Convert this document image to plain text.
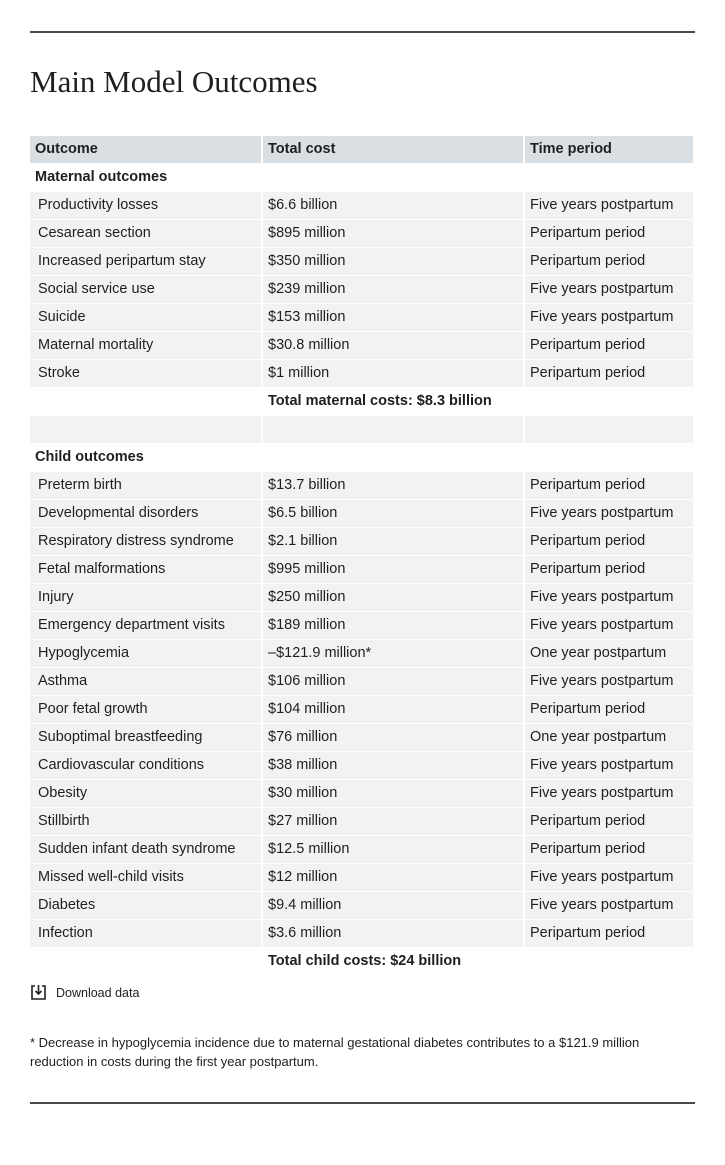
Main Model Outcomes
Outcome	Total cost	Time period
Maternal outcomes
Productivity losses	$6.6 billion	Five years postpartum
Cesarean section	$895 million	Peripartum period
Increased peripartum stay	$350 million	Peripartum period
Social service use	$239 million	Five years postpartum
Suicide	$153 million	Five years postpartum
Maternal mortality	$30.8 million	Peripartum period
Stroke	$1 million	Peripartum period
Total maternal costs: $8.3 billion
Child outcomes
Preterm birth	$13.7 billion	Peripartum period
Developmental disorders	$6.5 billion	Five years postpartum
Respiratory distress syndrome	$2.1 billion	Peripartum period
Fetal malformations	$995 million	Peripartum period
Injury	$250 million	Five years postpartum
Emergency department visits	$189 million	Five years postpartum
Hypoglycemia	–$121.9 million*	One year postpartum
Asthma	$106 million	Five years postpartum
Poor fetal growth	$104 million	Peripartum period
Suboptimal breastfeeding	$76 million	One year postpartum
Cardiovascular conditions	$38 million	Five years postpartum
Obesity	$30 million	Five years postpartum
Stillbirth	$27 million	Peripartum period
Sudden infant death syndrome	$12.5 million	Peripartum period
Missed well-child visits	$12 million	Five years postpartum
Diabetes	$9.4 million	Five years postpartum
Infection	$3.6 million	Peripartum period
Total child costs: $24 billion
Download data

* Decrease in hypoglycemia incidence due to maternal gestational diabetes contributes to a $121.9 million reduction in costs during the first year postpartum.
